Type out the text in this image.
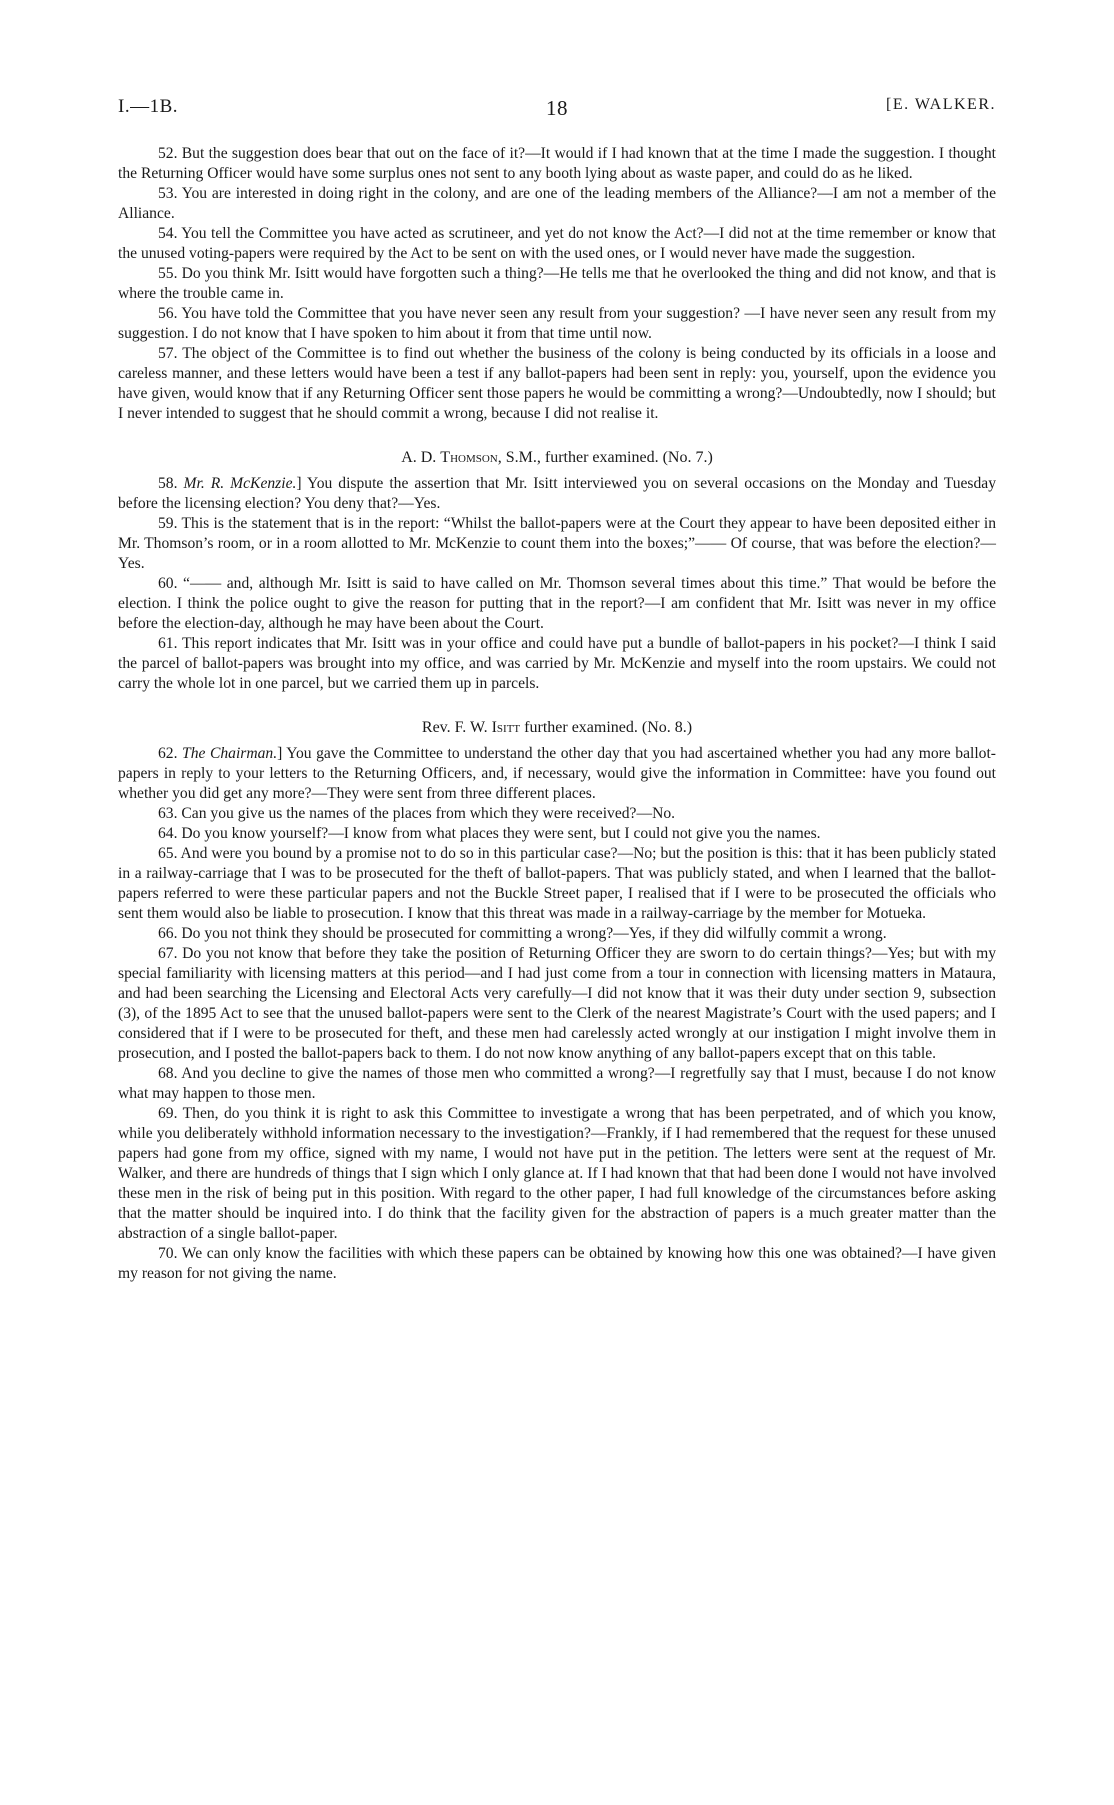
I.—1B.	18	[E. WALKER.

52. But the suggestion does bear that out on the face of it?—It would if I had known that at the time I made the suggestion. I thought the Returning Officer would have some surplus ones not sent to any booth lying about as waste paper, and could do as he liked.

53. You are interested in doing right in the colony, and are one of the leading members of the Alliance?—I am not a member of the Alliance.

54. You tell the Committee you have acted as scrutineer, and yet do not know the Act?—I did not at the time remember or know that the unused voting-papers were required by the Act to be sent on with the used ones, or I would never have made the suggestion.

55. Do you think Mr. Isitt would have forgotten such a thing?—He tells me that he overlooked the thing and did not know, and that is where the trouble came in.

56. You have told the Committee that you have never seen any result from your suggestion? —I have never seen any result from my suggestion. I do not know that I have spoken to him about it from that time until now.

57. The object of the Committee is to find out whether the business of the colony is being conducted by its officials in a loose and careless manner, and these letters would have been a test if any ballot-papers had been sent in reply: you, yourself, upon the evidence you have given, would know that if any Returning Officer sent those papers he would be committing a wrong?—Undoubtedly, now I should; but I never intended to suggest that he should commit a wrong, because I did not realise it.

A. D. Thomson, S.M., further examined. (No. 7.)

58. Mr. R. McKenzie.] You dispute the assertion that Mr. Isitt interviewed you on several occasions on the Monday and Tuesday before the licensing election? You deny that?—Yes.

59. This is the statement that is in the report: “Whilst the ballot-papers were at the Court they appear to have been deposited either in Mr. Thomson’s room, or in a room allotted to Mr. McKenzie to count them into the boxes;”—— Of course, that was before the election?—Yes.

60. “—— and, although Mr. Isitt is said to have called on Mr. Thomson several times about this time.” That would be before the election. I think the police ought to give the reason for putting that in the report?—I am confident that Mr. Isitt was never in my office before the election-day, although he may have been about the Court.

61. This report indicates that Mr. Isitt was in your office and could have put a bundle of ballot-papers in his pocket?—I think I said the parcel of ballot-papers was brought into my office, and was carried by Mr. McKenzie and myself into the room upstairs. We could not carry the whole lot in one parcel, but we carried them up in parcels.

Rev. F. W. Isitt further examined. (No. 8.)

62. The Chairman.] You gave the Committee to understand the other day that you had ascertained whether you had any more ballot-papers in reply to your letters to the Returning Officers, and, if necessary, would give the information in Committee: have you found out whether you did get any more?—They were sent from three different places.

63. Can you give us the names of the places from which they were received?—No.

64. Do you know yourself?—I know from what places they were sent, but I could not give you the names.

65. And were you bound by a promise not to do so in this particular case?—No; but the position is this: that it has been publicly stated in a railway-carriage that I was to be prosecuted for the theft of ballot-papers. That was publicly stated, and when I learned that the ballot-papers referred to were these particular papers and not the Buckle Street paper, I realised that if I were to be prosecuted the officials who sent them would also be liable to prosecution. I know that this threat was made in a railway-carriage by the member for Motueka.

66. Do you not think they should be prosecuted for committing a wrong?—Yes, if they did wilfully commit a wrong.

67. Do you not know that before they take the position of Returning Officer they are sworn to do certain things?—Yes; but with my special familiarity with licensing matters at this period—and I had just come from a tour in connection with licensing matters in Mataura, and had been searching the Licensing and Electoral Acts very carefully—I did not know that it was their duty under section 9, subsection (3), of the 1895 Act to see that the unused ballot-papers were sent to the Clerk of the nearest Magistrate’s Court with the used papers; and I considered that if I were to be prosecuted for theft, and these men had carelessly acted wrongly at our instigation I might involve them in prosecution, and I posted the ballot-papers back to them. I do not now know anything of any ballot-papers except that on this table.

68. And you decline to give the names of those men who committed a wrong?—I regretfully say that I must, because I do not know what may happen to those men.

69. Then, do you think it is right to ask this Committee to investigate a wrong that has been perpetrated, and of which you know, while you deliberately withhold information necessary to the investigation?—Frankly, if I had remembered that the request for these unused papers had gone from my office, signed with my name, I would not have put in the petition. The letters were sent at the request of Mr. Walker, and there are hundreds of things that I sign which I only glance at. If I had known that that had been done I would not have involved these men in the risk of being put in this position. With regard to the other paper, I had full knowledge of the circumstances before asking that the matter should be inquired into. I do think that the facility given for the abstraction of papers is a much greater matter than the abstraction of a single ballot-paper.

70. We can only know the facilities with which these papers can be obtained by knowing how this one was obtained?—I have given my reason for not giving the name.
